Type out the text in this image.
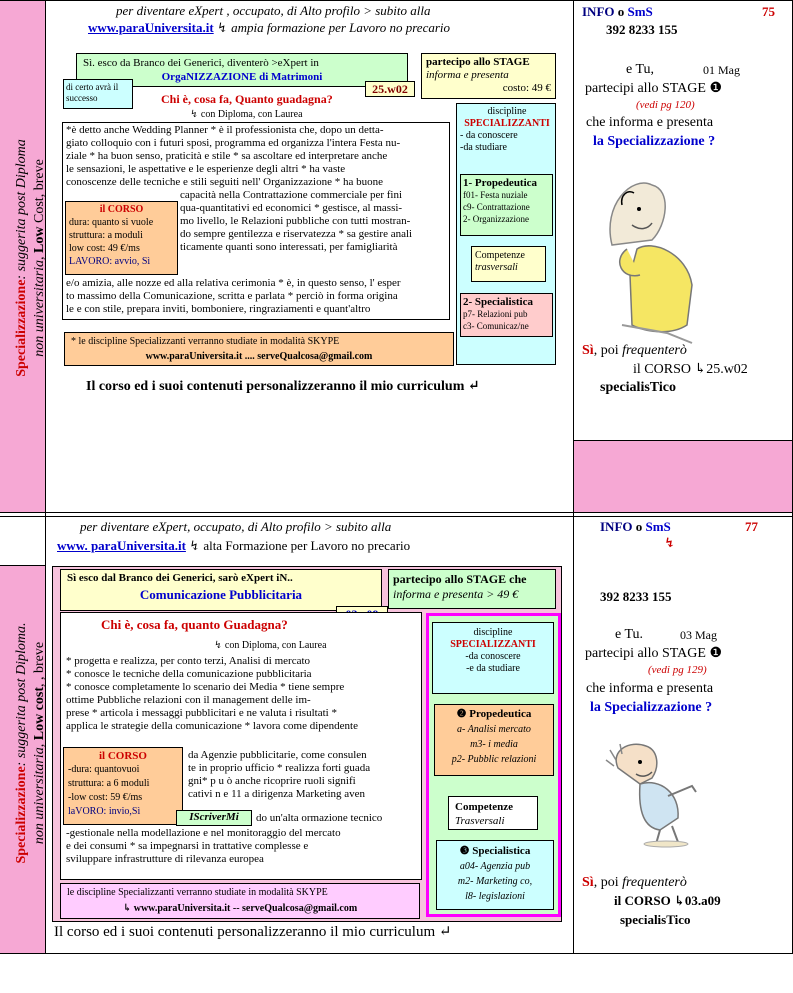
Specializzazione: suggerita post Diploma
non universitaria, Low Cost, breve
per diventare eXpert , occupato, di Alto profilo > subito alla
www.paraUniversita.it ↯ ampia formazione per Lavoro no precario
Sì. esco da Branco dei Generici, diventerò >eXpert in
OrgaNIZZAZIONE di Matrimoni
partecipo allo STAGE
informa e presenta
costo: 49 €
di certo avrà il successo
25.w02
Chi è, cosa fa, Quanto guadagna?
↯ con Diploma, con Laurea
*è detto anche Wedding Planner * è il professionista che, dopo un detta-
giato colloquio con i futuri sposi, programma ed organizza l'intera Festa nu-
ziale * ha buon senso, praticità e stile * sa ascoltare ed interpretare anche
le sensazioni, le aspettative e le esperienze degli altri * ha vaste
conoscenze delle tecniche e stili seguiti nell' Organizzazione * ha buone
capacità nella Contrattazione commerciale per fini
qua-quantitativi ed economici * gestisce, al massi-
mo livello, le Relazioni pubbliche con tutti mostran-
do sempre gentilezza e riservatezza * sa gestire anali
ticamente quanti sono interessati, per famigliarità
il CORSO
dura: quanto si vuole
struttura: a moduli
low cost: 49 €/ms
LAVORO: avvio, Sì
e/o amizia, alle nozze ed alla relativa cerimonia * è, in questo senso, l' esper
to massimo della Comunicazione, scritta e parlata * perciò in forma origina
le e con stile, prepara inviti, bomboniere, ringraziamenti e quant'altro
* le discipline Specializzanti verranno studiate in modalità SKYPE
www.paraUniversita.it .... serveQualcosa@gmail.com
Il corso ed i suoi contenuti personalizzeranno il mio curriculum ↵
discipline
SPECIALIZZANTI
- da conoscere
-da studiare
1- Propedeutica
f01- Festa nuziale
c9- Contrattazione
2- Organizzazione
Competenze
trasversali
2- Specialistica
p7- Relazioni pub
c3- Comunicaz/ne
INFO o SmS	75
392 8233 155
e Tu,	01 Mag
partecipi allo STAGE ❶
(vedi pg 120)
che informa e presenta
la Specializzazione ?
Sì, poi frequenterò
il CORSO ↳25.w02
specialisTico
Specializzazione: suggerita post Diploma.
non universitaria, Low cost, , breve
per diventare eXpert, occupato, di Alto profilo > subito alla
www. paraUniversita.it ↯ alta Formazione per Lavoro no precario
Sì esco dal Branco dei Generici, sarò eXpert iN..
Comunicazione Pubblicitaria
partecipo allo STAGE che
informa e presenta > 49 €
Chi è, cosa fa, quanto Guadagna?
↯ con Diploma, con Laurea
* progetta e realizza, per conto terzi, Analisi di mercato
* conosce le tecniche della comunicazione pubblicitaria
* conosce completamente lo scenario dei Media * tiene sempre
ottime Pubbliche relazioni con il management delle im-
prese * articola i messaggi pubblicitari e ne valuta i risultati *
applica le strategie della comunicazione * lavora come dipendente
il CORSO
-dura: quantovuoi
struttura: a 6 moduli
-low cost: 59 €/ms
laVORO: invio,Sì
da Agenzie pubblicitarie, come consulen
te in proprio ufficio * realizza forti guada
gni* p u ò anche ricoprire ruoli signifi
cativi n e 11 a dirigenza Marketing aven
IScriverMi	do un'alta ormazione tecnico
-gestionale nella modellazione e nel monitoraggio del mercato
e dei consumi * sa impegnarsi in trattative complesse e
sviluppare infrastrutture di rilevanza europea
le discipline Specializzanti verranno studiate in modalità SKYPE
↳ www.paraUniversita.it -- serveQualcosa@gmail.com
Il corso ed i suoi contenuti personalizzeranno il mio curriculum ↵
discipline
SPECIALIZZANTI
-da conoscere
-e da studiare
❷ Propedeutica
a- Analisi mercato
m3- i media
p2- Pubblic relazioni
Competenze
Trasversali
❸ Specialistica
a04- Agenzia pub
m2- Marketing co,
l8- legislazioni
INFO o SmS	77
↯
392 8233 155
e Tu.	03 Mag
partecipi allo STAGE ❶
(vedi pg 129)
che informa e presenta
la Specializzazione ?
Sì, poi frequenterò
il CORSO ↳03.a09
specialisTico
